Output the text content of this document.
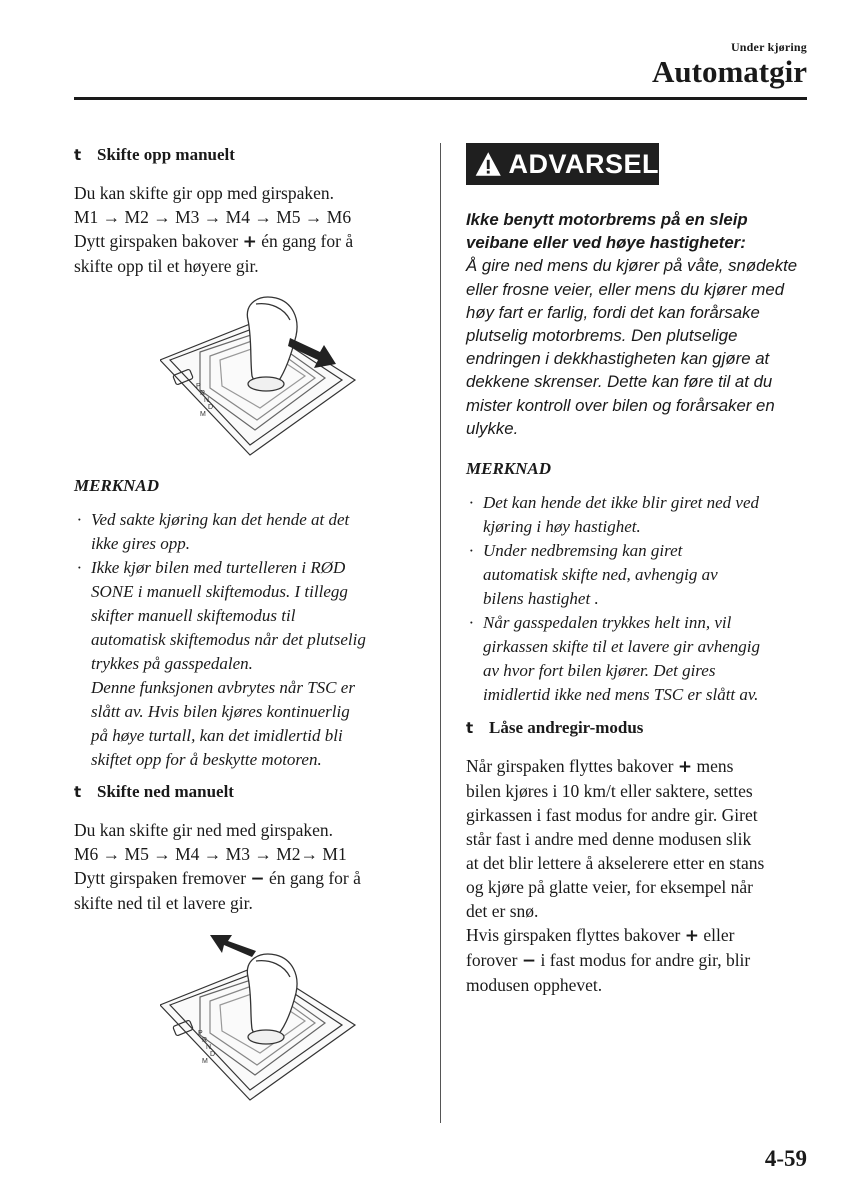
Under kjøring
Automatgir
t Skifte opp manuelt
Du kan skifte gir opp med girspaken.
M1 → M2 → M3 → M4 → M5 → M6
Dytt girspaken bakover + én gang for å
skifte opp til et høyere gir.
P
R
N
D
M
MERKNAD
· Ved sakte kjøring kan det hende at det
ikke gires opp.
· Ikke kjør bilen med turtelleren i RØD
SONE i manuell skiftemodus. I tillegg
skifter manuell skiftemodus til
automatisk skiftemodus når det plutselig
trykkes på gasspedalen.
Denne funksjonen avbrytes når TSC er
slått av. Hvis bilen kjøres kontinuerlig
på høye turtall, kan det imidlertid bli
skiftet opp for å beskytte motoren.
t Skifte ned manuelt
Du kan skifte gir ned med girspaken.
M6 → M5 → M4 → M3 → M2→ M1
Dytt girspaken fremover − én gang for å
skifte ned til et lavere gir.
P
R
N
D
M
ADVARSEL
Ikke benytt motorbrems på en sleip
veibane eller ved høye hastigheter:
Å gire ned mens du kjører på våte, snødekte
eller frosne veier, eller mens du kjører med
høy fart er farlig, fordi det kan forårsake
plutselig motorbrems. Den plutselige
endringen i dekkhastigheten kan gjøre at
dekkene skrenser. Dette kan føre til at du
mister kontroll over bilen og forårsaker en
ulykke.
MERKNAD
· Det kan hende det ikke blir giret ned ved
kjøring i høy hastighet.
· Under nedbremsing kan giret
automatisk skifte ned, avhengig av
bilens hastighet .
· Når gasspedalen trykkes helt inn, vil
girkassen skifte til et lavere gir avhengig
av hvor fort bilen kjører. Det gires
imidlertid ikke ned mens TSC er slått av.
t Låse andregir-modus
Når girspaken flyttes bakover + mens
bilen kjøres i 10 km/t eller saktere, settes
girkassen i fast modus for andre gir. Giret
står fast i andre med denne modusen slik
at det blir lettere å akselerere etter en stans
og kjøre på glatte veier, for eksempel når
det er snø.
Hvis girspaken flyttes bakover + eller
forover − i fast modus for andre gir, blir
modusen opphevet.
4-59
